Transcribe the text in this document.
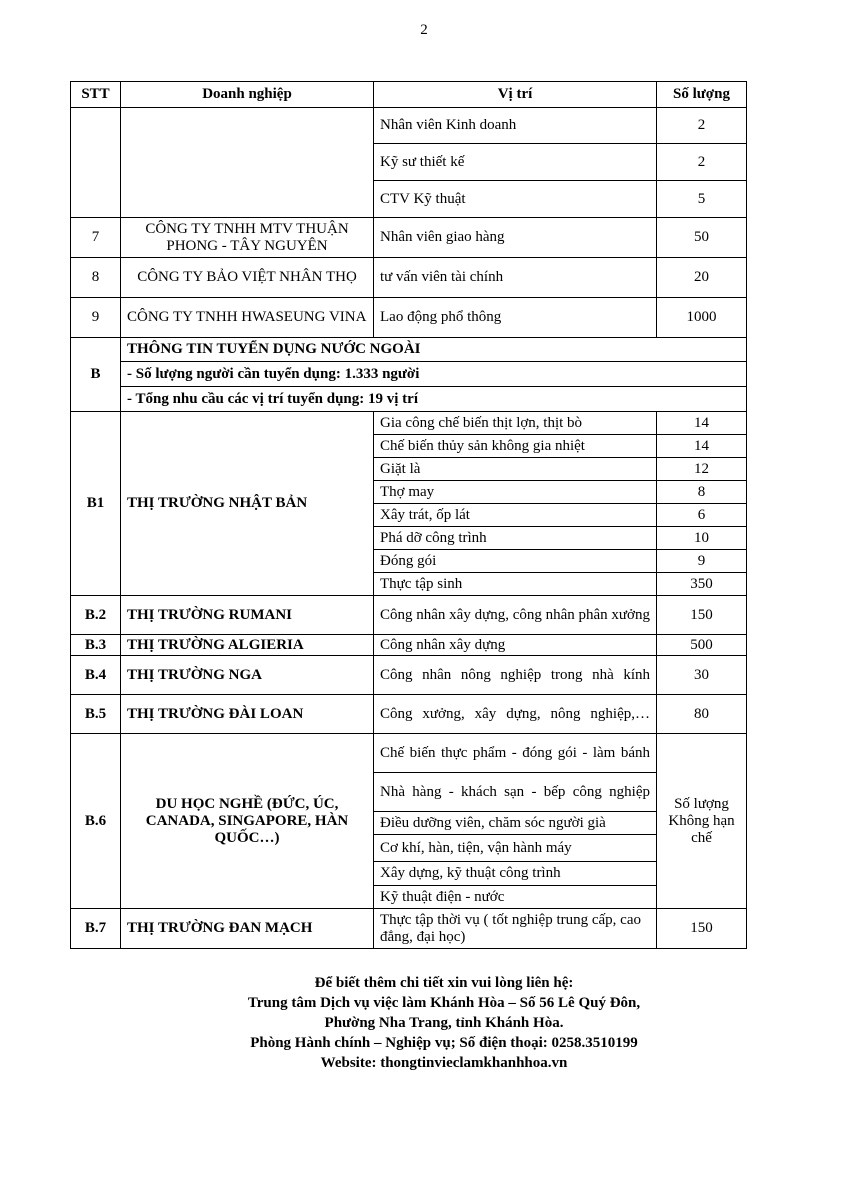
2
STT	Doanh nghiệp	Vị trí	Số lượng
		Nhân viên Kinh doanh	2
		Kỹ sư thiết kế	2
		CTV Kỹ thuật	5
7	CÔNG TY TNHH MTV THUẬN PHONG - TÂY NGUYÊN	Nhân viên giao hàng	50
8	CÔNG TY BẢO VIỆT NHÂN THỌ	tư vấn viên tài chính	20
9	CÔNG TY TNHH HWASEUNG VINA	Lao động phổ thông	1000
B	THÔNG TIN TUYỂN DỤNG NƯỚC NGOÀI		
	- Số lượng người cần tuyển dụng: 1.333 người		
	- Tổng nhu cầu các vị trí tuyển dụng: 19 vị trí		
B1	THỊ TRƯỜNG NHẬT BẢN	Gia công chế biến thịt lợn, thịt bò	14
		Chế biến thủy sản không gia nhiệt	14
		Giặt là	12
		Thợ may	8
		Xây trát, ốp lát	6
		Phá dỡ công trình	10
		Đóng gói	9
		Thực tập sinh	350
B.2	THỊ TRƯỜNG RUMANI	Công nhân xây dựng, công nhân phân xưởng	150
B.3	THỊ TRƯỜNG ALGIERIA	Công nhân xây dựng	500
B.4	THỊ TRƯỜNG NGA	Công nhân nông nghiệp trong nhà kính	30
B.5	THỊ TRƯỜNG ĐÀI LOAN	Công xưởng, xây dựng, nông nghiệp,…	80
B.6	DU HỌC NGHỀ (ĐỨC, ÚC, CANADA, SINGAPORE, HÀN QUỐC…)	Chế biến thực phẩm - đóng gói - làm bánh	Số lượng Không hạn chế
		Nhà hàng - khách sạn - bếp công nghiệp	
		Điều dưỡng viên, chăm sóc người già	
		Cơ khí, hàn, tiện, vận hành máy	
		Xây dựng, kỹ thuật công trình	
		Kỹ thuật điện - nước	
B.7	THỊ TRƯỜNG ĐAN MẠCH	Thực tập thời vụ ( tốt nghiệp trung cấp, cao đẳng, đại học)	150
Để biết thêm chi tiết xin vui lòng liên hệ:
Trung tâm Dịch vụ việc làm Khánh Hòa – Số 56 Lê Quý Đôn,
Phường Nha Trang, tỉnh Khánh Hòa.
Phòng Hành chính – Nghiệp vụ; Số điện thoại: 0258.3510199
Website: thongtinvieclamkhanhhoa.vn
